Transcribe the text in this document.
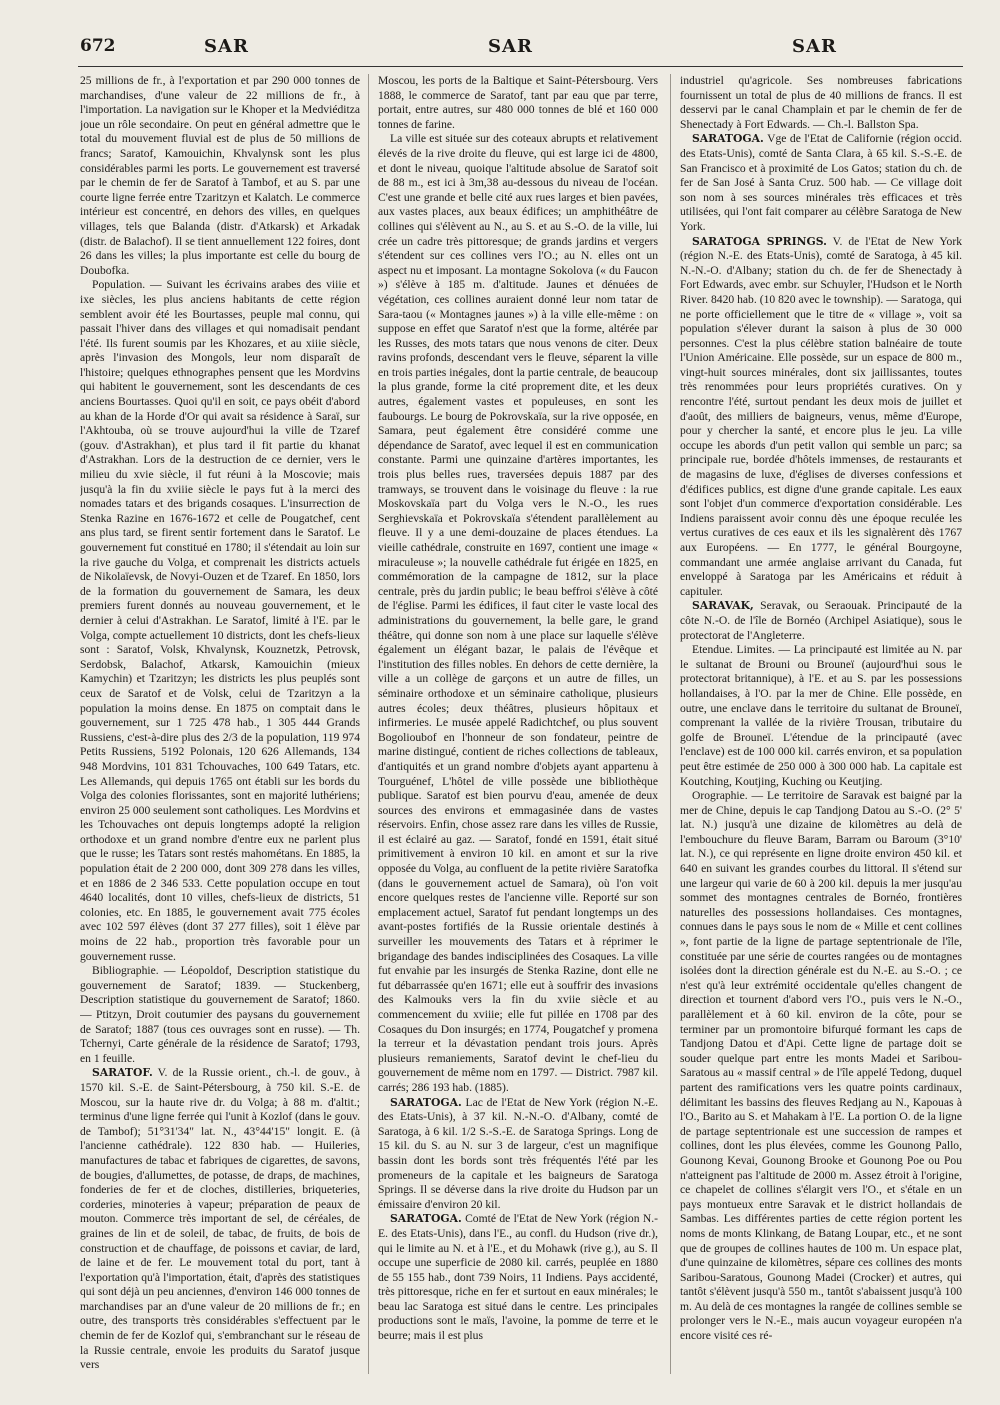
672	SAR	SAR	SAR

25 millions de fr., à l'exportation et par 290 000 tonnes de marchandises, d'une valeur de 22 millions de fr., à l'importation. La navigation sur le Khoper et la Medviéditza joue un rôle secondaire. On peut en général admettre que le total du mouvement fluvial est de plus de 50 millions de francs; Saratof, Kamouichin, Khvalynsk sont les plus considérables parmi les ports. Le gouvernement est traversé par le chemin de fer de Saratof à Tambof, et au S. par une courte ligne ferrée entre Tzaritzyn et Kalatch. Le commerce intérieur est concentré, en dehors des villes, en quelques villages, tels que Balanda (distr. d'Atkarsk) et Arkadak (distr. de Balachof). Il se tient annuellement 122 foires, dont 26 dans les villes; la plus importante est celle du bourg de Doubofka.

Population. — Suivant les écrivains arabes des viiie et ixe siècles, les plus anciens habitants de cette région semblent avoir été les Bourtasses, peuple mal connu, qui passait l'hiver dans des villages et qui nomadisait pendant l'été. Ils furent soumis par les Khozares, et au xiiie siècle, après l'invasion des Mongols, leur nom disparaît de l'histoire; quelques ethnographes pensent que les Mordvins qui habitent le gouvernement, sont les descendants de ces anciens Bourtasses. Quoi qu'il en soit, ce pays obéit d'abord au khan de la Horde d'Or qui avait sa résidence à Saraï, sur l'Akhtouba, où se trouve aujourd'hui la ville de Tzaref (gouv. d'Astrakhan), et plus tard il fit partie du khanat d'Astrakhan. Lors de la destruction de ce dernier, vers le milieu du xvie siècle, il fut réuni à la Moscovie; mais jusqu'à la fin du xviiie siècle le pays fut à la merci des nomades tatars et des brigands cosaques. L'insurrection de Stenka Razine en 1676-1672 et celle de Pougatchef, cent ans plus tard, se firent sentir fortement dans le Saratof. Le gouvernement fut constitué en 1780; il s'étendait au loin sur la rive gauche du Volga, et comprenait les districts actuels de Nikolaïevsk, de Novyi-Ouzen et de Tzaref. En 1850, lors de la formation du gouvernement de Samara, les deux premiers furent donnés au nouveau gouvernement, et le dernier à celui d'Astrakhan. Le Saratof, limité à l'E. par le Volga, compte actuellement 10 districts, dont les chefs-lieux sont : Saratof, Volsk, Khvalynsk, Kouznetzk, Petrovsk, Serdobsk, Balachof, Atkarsk, Kamouichin (mieux Kamychin) et Tzaritzyn; les districts les plus peuplés sont ceux de Saratof et de Volsk, celui de Tzaritzyn a la population la moins dense. En 1875 on comptait dans le gouvernement, sur 1 725 478 hab., 1 305 444 Grands Russiens, c'est-à-dire plus des 2/3 de la population, 119 974 Petits Russiens, 5192 Polonais, 120 626 Allemands, 134 948 Mordvins, 101 831 Tchouvaches, 100 649 Tatars, etc. Les Allemands, qui depuis 1765 ont établi sur les bords du Volga des colonies florissantes, sont en majorité luthériens; environ 25 000 seulement sont catholiques. Les Mordvins et les Tchouvaches ont depuis longtemps adopté la religion orthodoxe et un grand nombre d'entre eux ne parlent plus que le russe; les Tatars sont restés mahométans. En 1885, la population était de 2 200 000, dont 309 278 dans les villes, et en 1886 de 2 346 533. Cette population occupe en tout 4640 localités, dont 10 villes, chefs-lieux de districts, 51 colonies, etc. En 1885, le gouvernement avait 775 écoles avec 102 597 élèves (dont 37 277 filles), soit 1 élève par moins de 22 hab., proportion très favorable pour un gouvernement russe.

Bibliographie. — Léopoldof, Description statistique du gouvernement de Saratof; 1839. — Stuckenberg, Description statistique du gouvernement de Saratof; 1860. — Ptitzyn, Droit coutumier des paysans du gouvernement de Saratof; 1887 (tous ces ouvrages sont en russe). — Th. Tchernyi, Carte générale de la résidence de Saratof; 1793, en 1 feuille.

SARATOF. V. de la Russie orient., ch.-l. de gouv., à 1570 kil. S.-E. de Saint-Pétersbourg, à 750 kil. S.-E. de Moscou, sur la haute rive dr. du Volga; à 88 m. d'altit.; terminus d'une ligne ferrée qui l'unit à Kozlof (dans le gouv. de Tambof); 51°31'34" lat. N., 43°44'15" longit. E. (à l'ancienne cathédrale). 122 830 hab. — Huileries, manufactures de tabac et fabriques de cigarettes, de savons, de bougies, d'allumettes, de potasse, de draps, de machines, fonderies de fer et de cloches, distilleries, briqueteries, corderies, minoteries à vapeur; préparation de peaux de mouton. Commerce très important de sel, de céréales, de graines de lin et de soleil, de tabac, de fruits, de bois de construction et de chauffage, de poissons et caviar, de lard, de laine et de fer. Le mouvement total du port, tant à l'exportation qu'à l'importation, était, d'après des statistiques qui sont déjà un peu anciennes, d'environ 146 000 tonnes de marchandises par an d'une valeur de 20 millions de fr.; en outre, des transports très considérables s'effectuent par le chemin de fer de Kozlof qui, s'embranchant sur le réseau de la Russie centrale, envoie les produits du Saratof jusque vers

Moscou, les ports de la Baltique et Saint-Pétersbourg. Vers 1888, le commerce de Saratof, tant par eau que par terre, portait, entre autres, sur 480 000 tonnes de blé et 160 000 tonnes de farine.

La ville est située sur des coteaux abrupts et relativement élevés de la rive droite du fleuve, qui est large ici de 4800, et dont le niveau, quoique l'altitude absolue de Saratof soit de 88 m., est ici à 3m,38 au-dessous du niveau de l'océan. C'est une grande et belle cité aux rues larges et bien pavées, aux vastes places, aux beaux édifices; un amphithéâtre de collines qui s'élèvent au N., au S. et au S.-O. de la ville, lui crée un cadre très pittoresque; de grands jardins et vergers s'étendent sur ces collines vers l'O.; au N. elles ont un aspect nu et imposant. La montagne Sokolova (« du Faucon ») s'élève à 185 m. d'altitude. Jaunes et dénuées de végétation, ces collines auraient donné leur nom tatar de Sara-taou (« Montagnes jaunes ») à la ville elle-même : on suppose en effet que Saratof n'est que la forme, altérée par les Russes, des mots tatars que nous venons de citer. Deux ravins profonds, descendant vers le fleuve, séparent la ville en trois parties inégales, dont la partie centrale, de beaucoup la plus grande, forme la cité proprement dite, et les deux autres, également vastes et populeuses, en sont les faubourgs. Le bourg de Pokrovskaïa, sur la rive opposée, en Samara, peut également être considéré comme une dépendance de Saratof, avec lequel il est en communication constante. Parmi une quinzaine d'artères importantes, les trois plus belles rues, traversées depuis 1887 par des tramways, se trouvent dans le voisinage du fleuve : la rue Moskovskaïa part du Volga vers le N.-O., les rues Serghievskaïa et Pokrovskaïa s'étendent parallèlement au fleuve. Il y a une demi-douzaine de places étendues. La vieille cathédrale, construite en 1697, contient une image « miraculeuse »; la nouvelle cathédrale fut érigée en 1825, en commémoration de la campagne de 1812, sur la place centrale, près du jardin public; le beau beffroi s'élève à côté de l'église. Parmi les édifices, il faut citer le vaste local des administrations du gouvernement, la belle gare, le grand théâtre, qui donne son nom à une place sur laquelle s'élève également un élégant bazar, le palais de l'évêque et l'institution des filles nobles. En dehors de cette dernière, la ville a un collège de garçons et un autre de filles, un séminaire orthodoxe et un séminaire catholique, plusieurs autres écoles; deux théâtres, plusieurs hôpitaux et infirmeries. Le musée appelé Radichtchef, ou plus souvent Bogolioubof en l'honneur de son fondateur, peintre de marine distingué, contient de riches collections de tableaux, d'antiquités et un grand nombre d'objets ayant appartenu à Tourguénef, L'hôtel de ville possède une bibliothèque publique. Saratof est bien pourvu d'eau, amenée de deux sources des environs et emmagasinée dans de vastes réservoirs. Enfin, chose assez rare dans les villes de Russie, il est éclairé au gaz. — Saratof, fondé en 1591, était situé primitivement à environ 10 kil. en amont et sur la rive opposée du Volga, au confluent de la petite rivière Saratofka (dans le gouvernement actuel de Samara), où l'on voit encore quelques restes de l'ancienne ville. Reporté sur son emplacement actuel, Saratof fut pendant longtemps un des avant-postes fortifiés de la Russie orientale destinés à surveiller les mouvements des Tatars et à réprimer le brigandage des bandes indisciplinées des Cosaques. La ville fut envahie par les insurgés de Stenka Razine, dont elle ne fut débarrassée qu'en 1671; elle eut à souffrir des invasions des Kalmouks vers la fin du xviie siècle et au commencement du xviiie; elle fut pillée en 1708 par des Cosaques du Don insurgés; en 1774, Pougatchef y promena la terreur et la dévastation pendant trois jours. Après plusieurs remaniements, Saratof devint le chef-lieu du gouvernement de même nom en 1797. — District. 7987 kil. carrés; 286 193 hab. (1885).

SARATOGA. Lac de l'Etat de New York (région N.-E. des Etats-Unis), à 37 kil. N.-N.-O. d'Albany, comté de Saratoga, à 6 kil. 1/2 S.-S.-E. de Saratoga Springs. Long de 15 kil. du S. au N. sur 3 de largeur, c'est un magnifique bassin dont les bords sont très fréquentés l'été par les promeneurs de la capitale et les baigneurs de Saratoga Springs. Il se déverse dans la rive droite du Hudson par un émissaire d'environ 20 kil.

SARATOGA. Comté de l'Etat de New York (région N.-E. des Etats-Unis), dans l'E., au confl. du Hudson (rive dr.), qui le limite au N. et à l'E., et du Mohawk (rive g.), au S. Il occupe une superficie de 2080 kil. carrés, peuplée en 1880 de 55 155 hab., dont 739 Noirs, 11 Indiens. Pays accidenté, très pittoresque, riche en fer et surtout en eaux minérales; le beau lac Saratoga est situé dans le centre. Les principales productions sont le maïs, l'avoine, la pomme de terre et le beurre; mais il est plus

industriel qu'agricole. Ses nombreuses fabrications fournissent un total de plus de 40 millions de francs. Il est desservi par le canal Champlain et par le chemin de fer de Shenectady à Fort Edwards. — Ch.-l. Ballston Spa.

SARATOGA. Vge de l'Etat de Californie (région occid. des Etats-Unis), comté de Santa Clara, à 65 kil. S.-S.-E. de San Francisco et à proximité de Los Gatos; station du ch. de fer de San José à Santa Cruz. 500 hab. — Ce village doit son nom à ses sources minérales très efficaces et très utilisées, qui l'ont fait comparer au célèbre Saratoga de New York.

SARATOGA SPRINGS. V. de l'Etat de New York (région N.-E. des Etats-Unis), comté de Saratoga, à 45 kil. N.-N.-O. d'Albany; station du ch. de fer de Shenectady à Fort Edwards, avec embr. sur Schuyler, l'Hudson et le North River. 8420 hab. (10 820 avec le township). — Saratoga, qui ne porte officiellement que le titre de « village », voit sa population s'élever durant la saison à plus de 30 000 personnes. C'est la plus célèbre station balnéaire de toute l'Union Américaine. Elle possède, sur un espace de 800 m., vingt-huit sources minérales, dont six jaillissantes, toutes très renommées pour leurs propriétés curatives. On y rencontre l'été, surtout pendant les deux mois de juillet et d'août, des milliers de baigneurs, venus, même d'Europe, pour y chercher la santé, et encore plus le jeu. La ville occupe les abords d'un petit vallon qui semble un parc; sa principale rue, bordée d'hôtels immenses, de restaurants et de magasins de luxe, d'églises de diverses confessions et d'édifices publics, est digne d'une grande capitale. Les eaux sont l'objet d'un commerce d'exportation considérable. Les Indiens paraissent avoir connu dès une époque reculée les vertus curatives de ces eaux et ils les signalèrent dès 1767 aux Européens. — En 1777, le général Bourgoyne, commandant une armée anglaise arrivant du Canada, fut enveloppé à Saratoga par les Américains et réduit à capituler.

SARAVAK, Seravak, ou Seraouak. Principauté de la côte N.-O. de l'île de Bornéo (Archipel Asiatique), sous le protectorat de l'Angleterre.

Etendue. Limites. — La principauté est limitée au N. par le sultanat de Brouni ou Brouneï (aujourd'hui sous le protectorat britannique), à l'E. et au S. par les possessions hollandaises, à l'O. par la mer de Chine. Elle possède, en outre, une enclave dans le territoire du sultanat de Brouneï, comprenant la vallée de la rivière Trousan, tributaire du golfe de Brouneï. L'étendue de la principauté (avec l'enclave) est de 100 000 kil. carrés environ, et sa population peut être estimée de 250 000 à 300 000 hab. La capitale est Koutching, Koutjing, Kuching ou Keutjing.

Orographie. — Le territoire de Saravak est baigné par la mer de Chine, depuis le cap Tandjong Datou au S.-O. (2° 5' lat. N.) jusqu'à une dizaine de kilomètres au delà de l'embouchure du fleuve Baram, Barram ou Baroum (3°10' lat. N.), ce qui représente en ligne droite environ 450 kil. et 640 en suivant les grandes courbes du littoral. Il s'étend sur une largeur qui varie de 60 à 200 kil. depuis la mer jusqu'au sommet des montagnes centrales de Bornéo, frontières naturelles des possessions hollandaises. Ces montagnes, connues dans le pays sous le nom de « Mille et cent collines », font partie de la ligne de partage septentrionale de l'île, constituée par une série de courtes rangées ou de montagnes isolées dont la direction générale est du N.-E. au S.-O. ; ce n'est qu'à leur extrémité occidentale qu'elles changent de direction et tournent d'abord vers l'O., puis vers le N.-O., parallèlement et à 60 kil. environ de la côte, pour se terminer par un promontoire bifurqué formant les caps de Tandjong Datou et d'Api. Cette ligne de partage doit se souder quelque part entre les monts Madei et Saribou-Saratous au « massif central » de l'île appelé Tedong, duquel partent des ramifications vers les quatre points cardinaux, délimitant les bassins des fleuves Redjang au N., Kapouas à l'O., Barito au S. et Mahakam à l'E. La portion O. de la ligne de partage septentrionale est une succession de rampes et collines, dont les plus élevées, comme les Gounong Pallo, Gounong Kevai, Gounong Brooke et Gounong Poe ou Pou n'atteignent pas l'altitude de 2000 m. Assez étroit à l'origine, ce chapelet de collines s'élargit vers l'O., et s'étale en un pays montueux entre Saravak et le district hollandais de Sambas. Les différentes parties de cette région portent les noms de monts Klinkang, de Batang Loupar, etc., et ne sont que de groupes de collines hautes de 100 m. Un espace plat, d'une quinzaine de kilomètres, sépare ces collines des monts Saribou-Saratous, Gounong Madei (Crocker) et autres, qui tantôt s'élèvent jusqu'à 550 m., tantôt s'abaissent jusqu'à 100 m. Au delà de ces montagnes la rangée de collines semble se prolonger vers le N.-E., mais aucun voyageur européen n'a encore visité ces ré-
